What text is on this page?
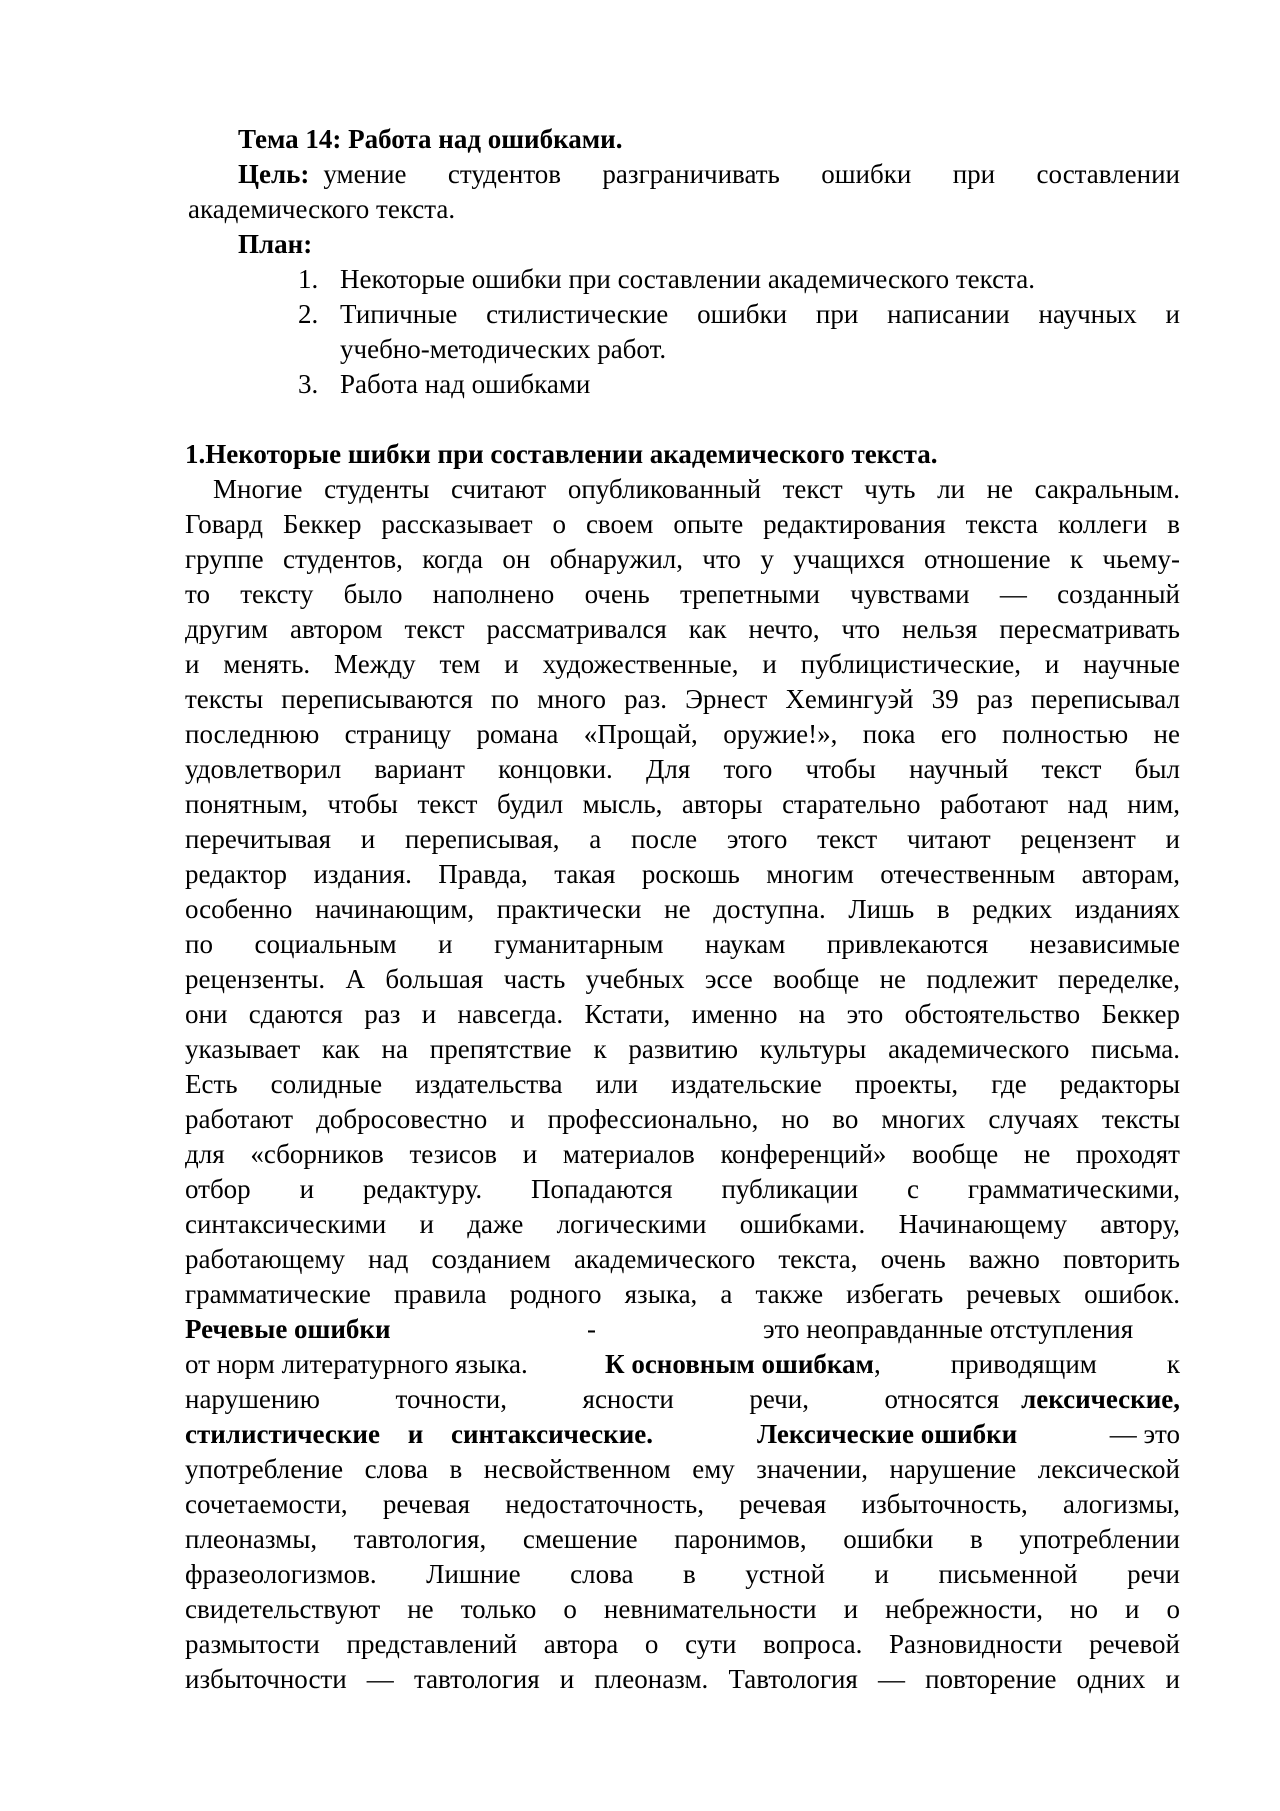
Тема 14: Работа над ошибками.
Цель: умение студентов разграничивать ошибки при составлении
академического текста.
План:
1. Некоторые ошибки при составлении академического текста.
2. Типичные стилистические ошибки при написании научных и
учебно-методических работ.
3. Работа над ошибками
1.Некоторые шибки при составлении академического текста.
Многие студенты считают опубликованный текст чуть ли не сакральным.
Говард Беккер рассказывает о своем опыте редактирования текста коллеги в
группе студентов, когда он обнаружил, что у учащихся отношение к чьему-
то тексту было наполнено очень трепетными чувствами — созданный
другим автором текст рассматривался как нечто, что нельзя пересматривать
и менять. Между тем и художественные, и публицистические, и научные
тексты переписываются по много раз. Эрнест Хемингуэй 39 раз переписывал
последнюю страницу романа «Прощай, оружие!», пока его полностью не
удовлетворил вариант концовки. Для того чтобы научный текст был
понятным, чтобы текст будил мысль, авторы старательно работают над ним,
перечитывая и переписывая, а после этого текст читают рецензент и
редактор издания. Правда, такая роскошь многим отечественным авторам,
особенно начинающим, практически не доступна. Лишь в редких изданиях
по социальным и гуманитарным наукам привлекаются независимые
рецензенты. А большая часть учебных эссе вообще не подлежит переделке,
они сдаются раз и навсегда. Кстати, именно на это обстоятельство Беккер
указывает как на препятствие к развитию культуры академического письма.
Есть солидные издательства или издательские проекты, где редакторы
работают добросовестно и профессионально, но во многих случаях тексты
для «сборников тезисов и материалов конференций» вообще не проходят
отбор и редактуру. Попадаются публикации с грамматическими,
синтаксическими и даже логическими ошибками. Начинающему автору,
работающему над созданием академического текста, очень важно повторить
грамматические правила родного языка, а также избегать речевых ошибок.
Речевые ошибки	-	это неоправданные отступления
от норм литературного языка.	К основным ошибкам , приводящим к
нарушению точности, ясности речи, относятся лексические,
стилистические и синтаксические.	Лексические ошибки	— это
употребление слова в несвойственном ему значении, нарушение лексической
сочетаемости, речевая недостаточность, речевая избыточность, алогизмы,
плеоназмы, тавтология, смешение паронимов, ошибки в употреблении
фразеологизмов. Лишние слова в устной и письменной речи
свидетельствуют не только о невнимательности и небрежности, но и о
размытости представлений автора о сути вопроса. Разновидности речевой
избыточности — тавтология и плеоназм. Тавтология — повторение одних и
